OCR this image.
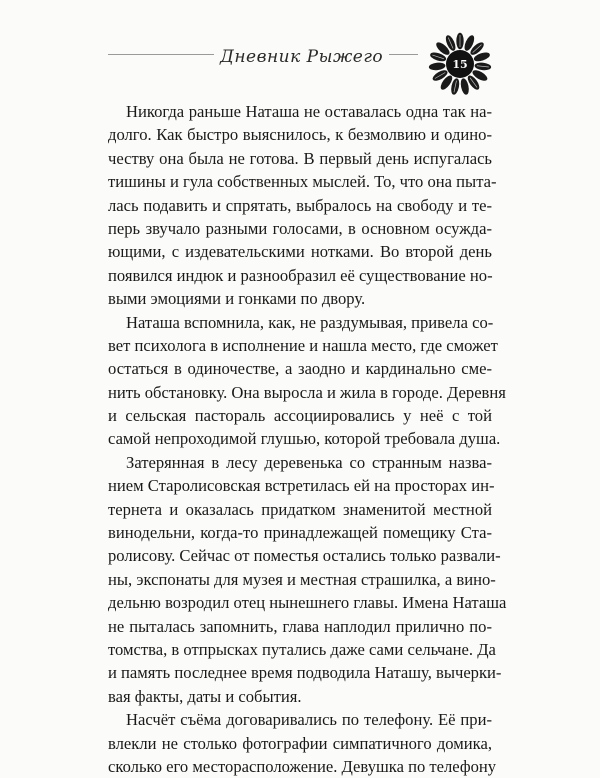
Дневник Рыжего	15
Никогда раньше Наташа не оставалась одна так на-
долго. Как быстро выяснилось, к безмолвию и одино-
честву она была не готова. В первый день испугалась
тишины и гула собственных мыслей. То, что она пыта-
лась подавить и спрятать, выбралось на свободу и те-
перь звучало разными голосами, в основном осужда-
ющими, с издевательскими нотками. Во второй день
появился индюк и разнообразил её существование но-
выми эмоциями и гонками по двору.
Наташа вспомнила, как, не раздумывая, привела со-
вет психолога в исполнение и нашла место, где сможет
остаться в одиночестве, а заодно и кардинально сме-
нить обстановку. Она выросла и жила в городе. Деревня
и сельская пастораль ассоциировались у неё с той
самой непроходимой глушью, которой требовала душа.
Затерянная в лесу деревенька со странным назва-
нием Старолисовская встретилась ей на просторах ин-
тернета и оказалась придатком знаменитой местной
винодельни, когда-то принадлежащей помещику Ста-
ролисову. Сейчас от поместья остались только развали-
ны, экспонаты для музея и местная страшилка, а вино-
дельню возродил отец нынешнего главы. Имена Наташа
не пыталась запомнить, глава наплодил прилично по-
томства, в отпрысках путались даже сами сельчане. Да
и память последнее время подводила Наташу, вычерки-
вая факты, даты и события.
Насчёт съёма договаривались по телефону. Её при-
влекли не столько фотографии симпатичного домика,
сколько его месторасположение. Девушка по телефону
